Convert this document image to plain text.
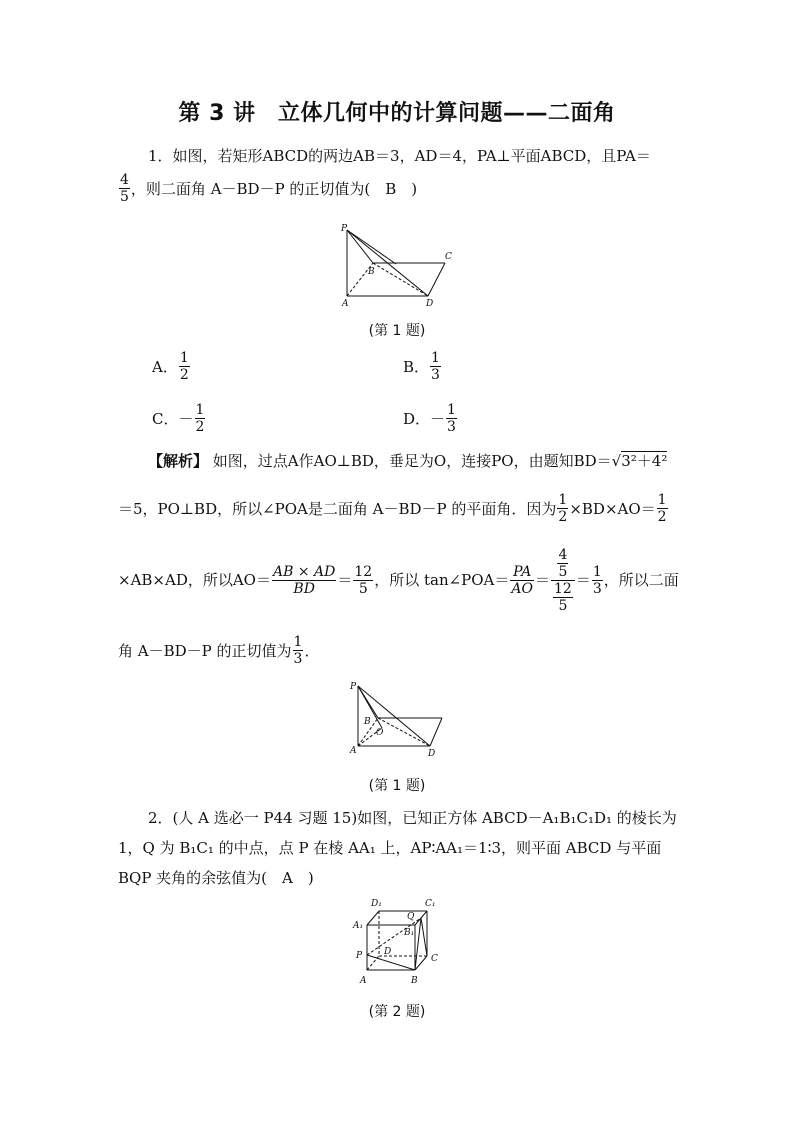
第 3 讲　立体几何中的计算问题——二面角
1．如图，若矩形ABCD的两边AB＝3，AD＝4，PA⊥平面ABCD，且PA＝
$\frac{4}{5}$ ，则二面角 A－BD－P 的正切值为(　B　)
P
B
C
A	D
(第 1 题)
A． $\frac{1}{2}$	B． $\frac{1}{3}$
C． － $\frac{1}{2}$	D． － $\frac{1}{3}$
【解析】 如图，过点A作AO⊥BD，垂足为O，连接PO，由题知BD＝√3²＋4²
＝5，PO⊥BD，所以∠POA是二面角 A－BD－P 的平面角．因为 $\frac{1}{2} \times BD\times AO= \frac{1}{2}$
×AB×AD，所以$AO= \frac{AB \times AD}{BD} = \frac{12}{5}$ ，所以 tan∠POA＝ $\frac{PA}{AO} = \frac{\frac{4}{5}}{\frac{12}{5}} = \frac{1}{3}$ ，所以二面
角 A－BD－P 的正切值为 $\frac{1}{3}$ ．
P
B
O
A	D
(第 1 题)
2．(人 A 选必一 P44 习题 15)如图，已知正方体 ABCD－A₁B₁C₁D₁ 的棱长为
1，Q 为 B₁C₁ 的中点，点 P 在棱 AA₁ 上，AP∶AA₁＝1∶3，则平面 ABCD 与平面
BQP 夹角的余弦值为(　A　)
D₁	C₁
A₁
Q
B₁
D
C
P
A	B
(第 2 题)
